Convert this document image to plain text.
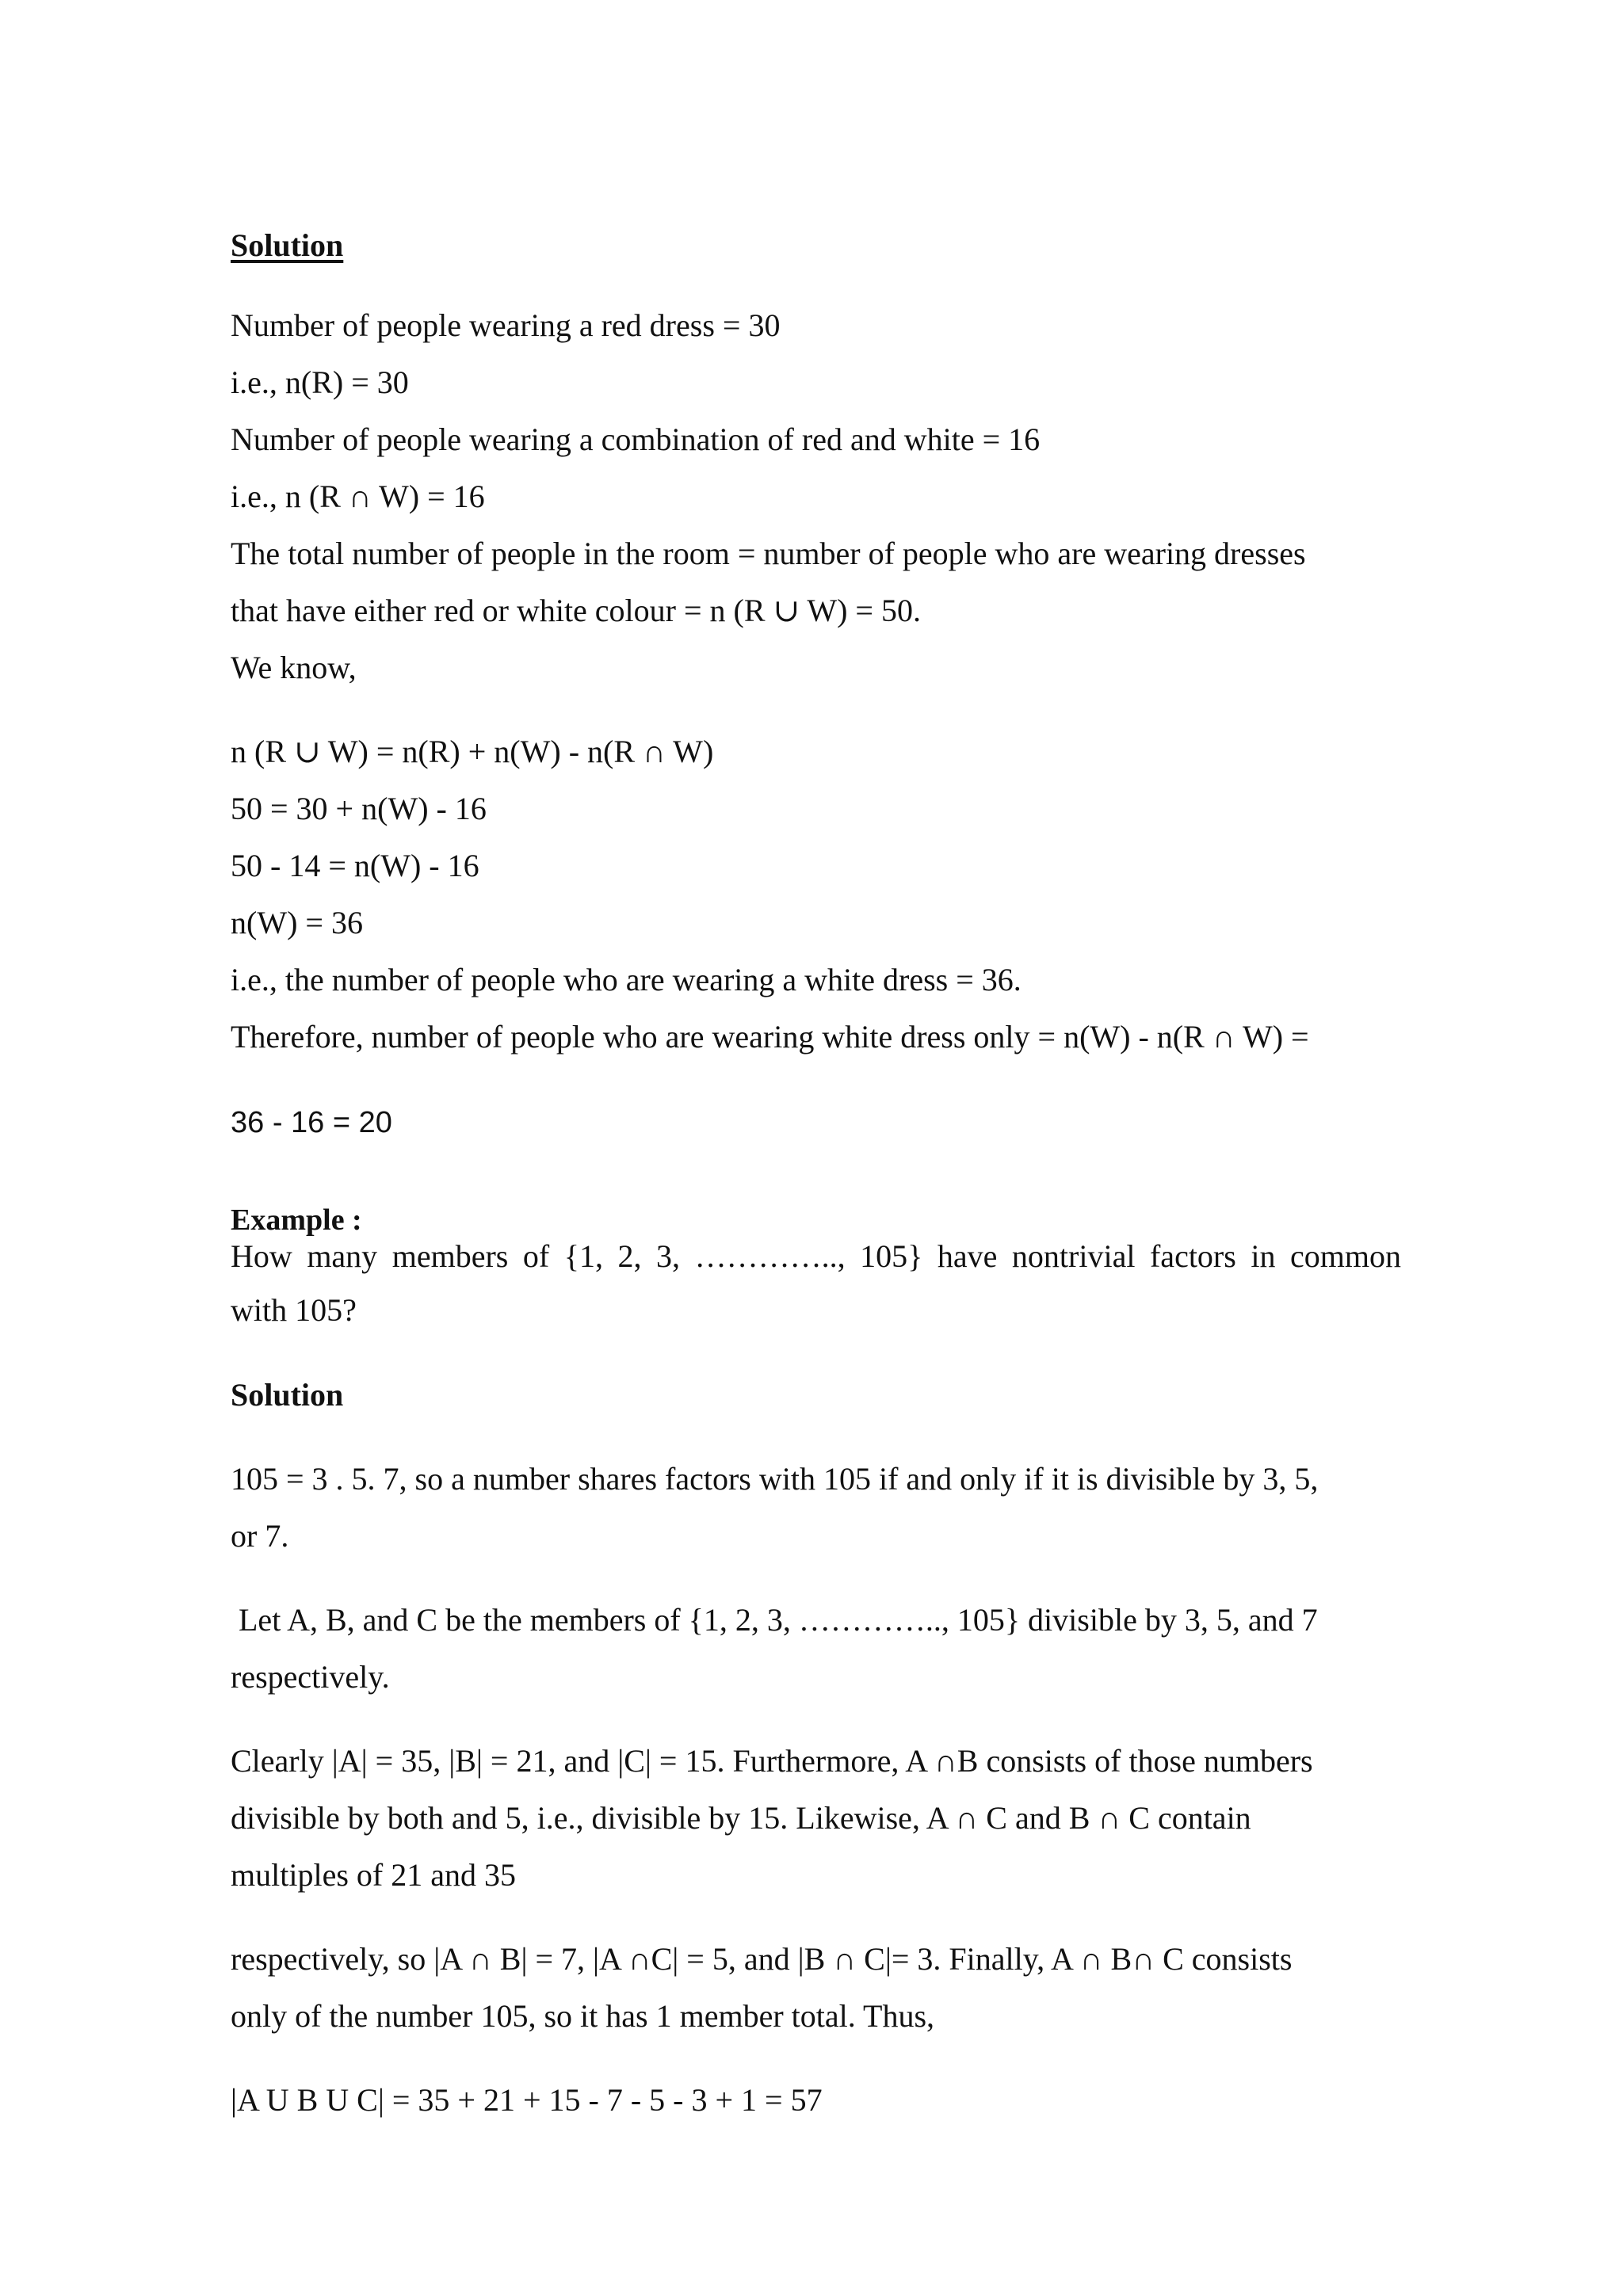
Solution

Number of people wearing a red dress = 30

i.e., n(R) = 30

Number of people wearing a combination of red and white = 16

i.e., n (R ∩ W) = 16

The total number of people in the room = number of people who are wearing dresses

that have either red or white colour = n (R ∪ W) = 50.

We know,

n (R ∪ W) = n(R) + n(W) - n(R ∩ W)

50 = 30 + n(W) - 16

50 - 14 = n(W) - 16

n(W) = 36

i.e., the number of people who are wearing a white dress = 36.

Therefore, number of people who are wearing white dress only = n(W) - n(R ∩ W) =

36 - 16 = 20

Example :

How many members of {1, 2, 3, ………….., 105} have nontrivial factors in common

with 105?

Solution

105 = 3 . 5. 7, so a number shares factors with 105 if and only if it is divisible by 3, 5,

or 7.

Let A, B, and C be the members of {1, 2, 3, ………….., 105} divisible by 3, 5, and 7

respectively.

Clearly |A| = 35, |B| = 21, and |C| = 15. Furthermore, A ∩B consists of those numbers

divisible by both and 5, i.e., divisible by 15. Likewise, A ∩ C and B ∩ C contain

multiples of 21 and 35

respectively, so |A ∩ B| = 7, |A ∩C| = 5, and |B ∩ C|= 3. Finally, A ∩ B∩ C consists

only of the number 105, so it has 1 member total. Thus,

|A U B U C| = 35 + 21 + 15 - 7 - 5 - 3 + 1 = 57
